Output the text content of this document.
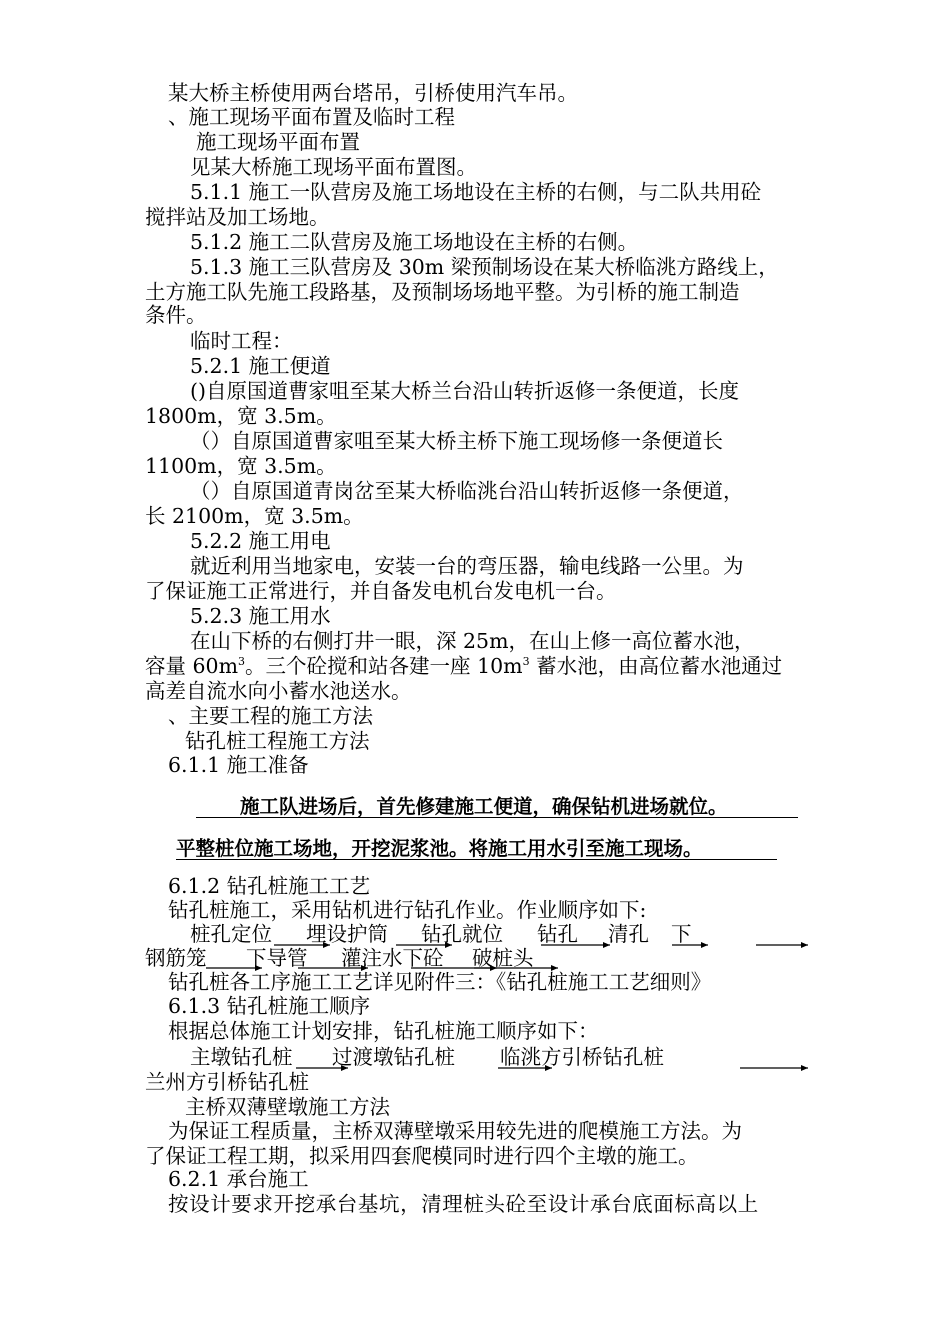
某大桥主桥使用两台塔吊，引桥使用汽车吊。
、施工现场平面布置及临时工程
施工现场平面布置
见某大桥施工现场平面布置图。
5.1.1 施工一队营房及施工场地设在主桥的右侧，与二队共用砼
搅拌站及加工场地。
5.1.2 施工二队营房及施工场地设在主桥的右侧。
5.1.3 施工三队营房及 30m 梁预制场设在某大桥临洮方路线上，
土方施工队先施工段路基，及预制场场地平整。为引桥的施工制造
条件。
临时工程：
5.2.1 施工便道
()自原国道曹家咀至某大桥兰台沿山转折返修一条便道，长度
1800m，宽 3.5m。
（）自原国道曹家咀至某大桥主桥下施工现场修一条便道长
1100m，宽 3.5m。
（）自原国道青岗岔至某大桥临洮台沿山转折返修一条便道，
长 2100m，宽 3.5m。
5.2.2 施工用电
就近利用当地家电，安装一台的弯压器，输电线路一公里。为
了保证施工正常进行，并自备发电机台发电机一台。
5.2.3 施工用水
在山下桥的右侧打井一眼，深 25m，在山上修一高位蓄水池，
容量 $60m^3$。三个砼搅和站各建一座 $10m^3$ 蓄水池，由高位蓄水池通过
高差自流水向小蓄水池送水。
、主要工程的施工方法
钻孔桩工程施工方法
6.1.1 施工准备
施工队进场后，首先修建施工便道，确保钻机进场就位。
平整桩位施工场地，开挖泥浆池。将施工用水引至施工现场。
6.1.2 钻孔桩施工工艺
钻孔桩施工，采用钻机进行钻孔作业。作业顺序如下:
桩孔定位 埋设护筒 钻孔就位 钻孔 清孔 下
钢筋笼 下导管 灌注水下砼 破桩头
钻孔桩各工序施工工艺详见附件三：《钻孔桩施工工艺细则》
6.1.3 钻孔桩施工顺序
根据总体施工计划安排，钻孔桩施工顺序如下：
主墩钻孔桩 过渡墩钻孔桩 临洮方引桥钻孔桩
兰州方引桥钻孔桩
主桥双薄壁墩施工方法
为保证工程质量，主桥双薄壁墩采用较先进的爬模施工方法。为
了保证工程工期，拟采用四套爬模同时进行四个主墩的施工。
6.2.1 承台施工
按设计要求开挖承台基坑，清理桩头砼至设计承台底面标高以上
